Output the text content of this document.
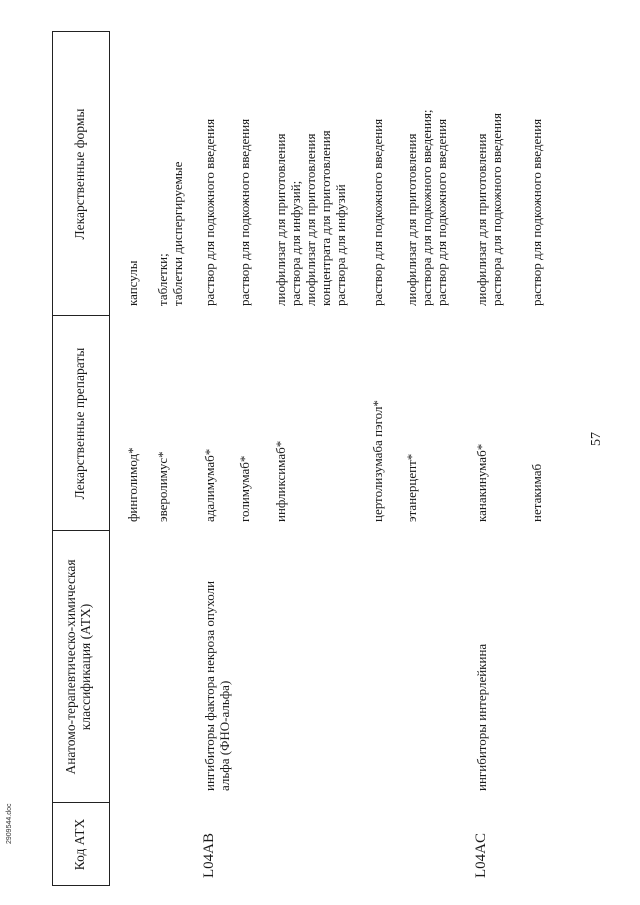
57
Код АТХ
Анатомо-терапевтическо-химическая классификация (АТХ)
Лекарственные препараты
Лекарственные формы
финголимод*
капсулы
эверолимус*
таблетки; таблетки диспергируемые
L04AB
ингибиторы фактора некроза опухоли альфа (ФНО-альфа)
адалимумаб*
раствор для подкожного введения
голимумаб*
раствор для подкожного введения
инфликсимаб*
лиофилизат для приготовления раствора для инфузий; лиофилизат для приготовления концентрата для приготовления раствора для инфузий
цертолизумаба пэгол*
раствор для подкожного введения
этанерцепт*
лиофилизат для приготовления раствора для подкожного введения; раствор для подкожного введения
L04AC
ингибиторы интерлейкина
канакинумаб*
лиофилизат для приготовления раствора для подкожного введения
нетакимаб
раствор для подкожного введения
2909544.doc
